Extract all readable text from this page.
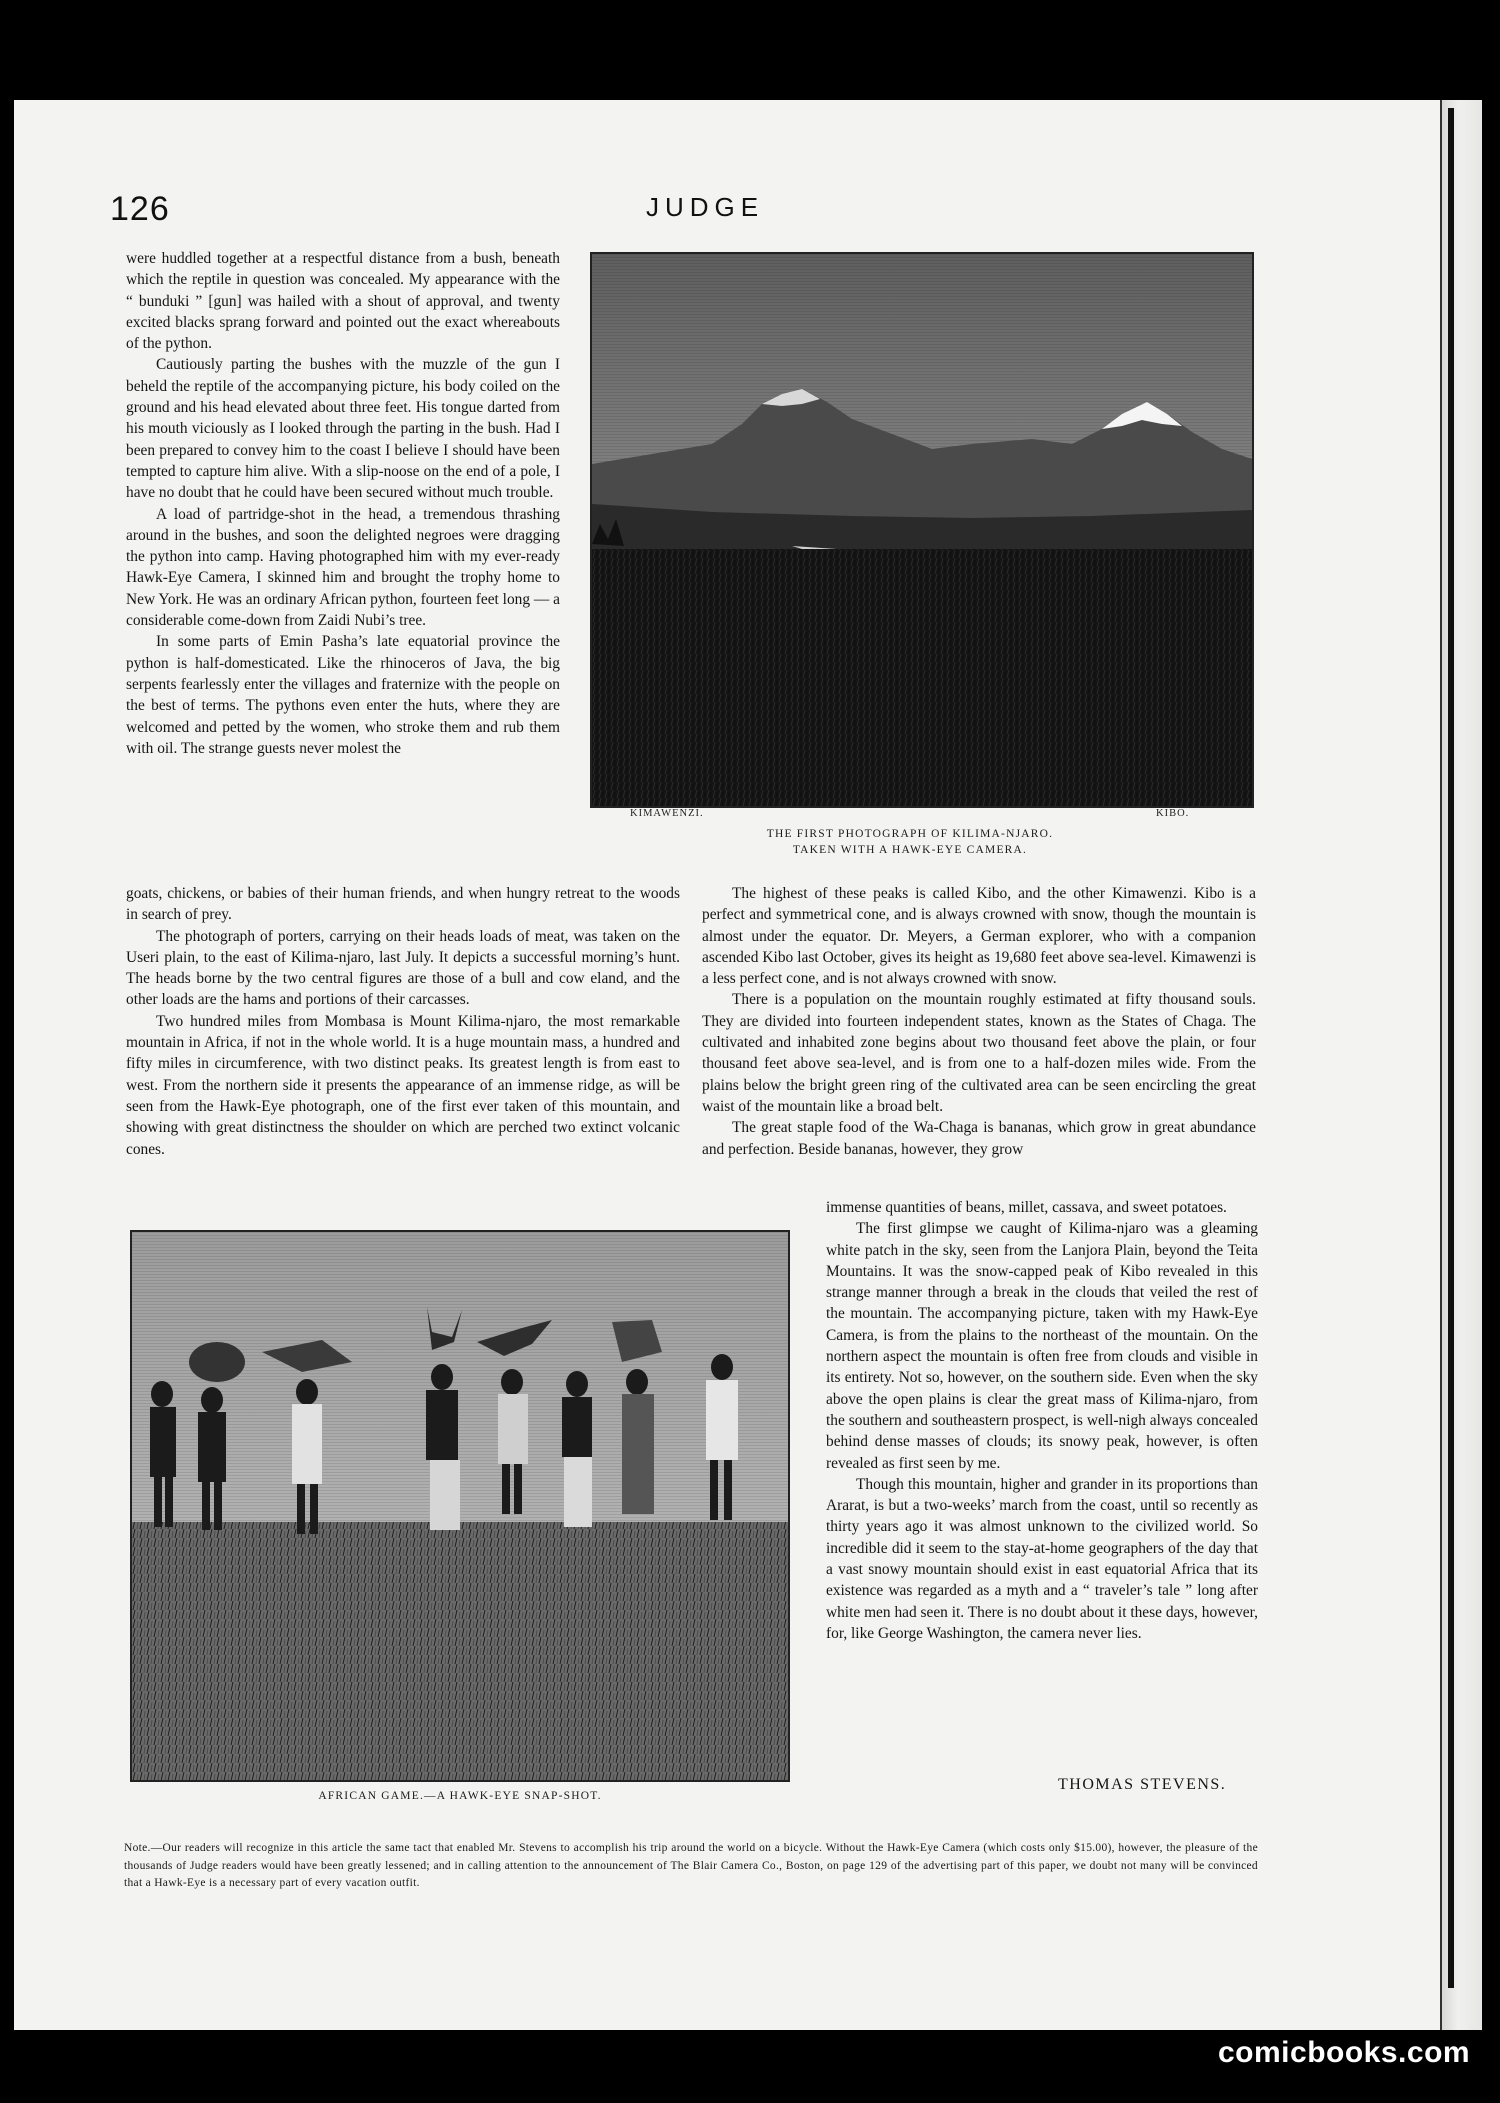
126	JUDGE

were huddled together at a respectful distance from a bush, beneath which the reptile in question was concealed. My appearance with the “ bunduki ” [gun] was hailed with a shout of approval, and twenty excited blacks sprang forward and pointed out the exact whereabouts of the python.

Cautiously parting the bushes with the muzzle of the gun I beheld the reptile of the accompanying picture, his body coiled on the ground and his head elevated about three feet. His tongue darted from his mouth viciously as I looked through the parting in the bush. Had I been prepared to convey him to the coast I believe I should have been tempted to capture him alive. With a slip-noose on the end of a pole, I have no doubt that he could have been secured without much trouble.

A load of partridge-shot in the head, a tremendous thrashing around in the bushes, and soon the delighted negroes were dragging the python into camp. Having photographed him with my ever-ready Hawk-Eye Camera, I skinned him and brought the trophy home to New York. He was an ordinary African python, fourteen feet long — a considerable come-down from Zaidi Nubi’s tree.

In some parts of Emin Pasha’s late equatorial province the python is half-domesticated. Like the rhinoceros of Java, the big serpents fearlessly enter the villages and fraternize with the people on the best of terms. The pythons even enter the huts, where they are welcomed and petted by the women, who stroke them and rub them with oil. The strange guests never molest the

goats, chickens, or babies of their human friends, and when hungry retreat to the woods in search of prey.

The photograph of porters, carrying on their heads loads of meat, was taken on the Useri plain, to the east of Kilima-njaro, last July. It depicts a successful morning’s hunt. The heads borne by the two central figures are those of a bull and cow eland, and the other loads are the hams and portions of their carcasses.

Two hundred miles from Mombasa is Mount Kilima-njaro, the most remarkable mountain in Africa, if not in the whole world. It is a huge mountain mass, a hundred and fifty miles in circumference, with two distinct peaks. Its greatest length is from east to west. From the northern side it presents the appearance of an immense ridge, as will be seen from the Hawk-Eye photograph, one of the first ever taken of this mountain, and showing with great distinctness the shoulder on which are perched two extinct volcanic cones.

The highest of these peaks is called Kibo, and the other Kimawenzi. Kibo is a perfect and symmetrical cone, and is always crowned with snow, though the mountain is almost under the equator. Dr. Meyers, a German explorer, who with a companion ascended Kibo last October, gives its height as 19,680 feet above sea-level. Kimawenzi is a less perfect cone, and is not always crowned with snow.

There is a population on the mountain roughly estimated at fifty thousand souls. They are divided into fourteen independent states, known as the States of Chaga. The cultivated and inhabited zone begins about two thousand feet above the plain, or four thousand feet above sea-level, and is from one to a half-dozen miles wide. From the plains below the bright green ring of the cultivated area can be seen encircling the great waist of the mountain like a broad belt.

The great staple food of the Wa-Chaga is bananas, which grow in great abundance and perfection. Beside bananas, however, they grow

immense quantities of beans, millet, cassava, and sweet potatoes.

The first glimpse we caught of Kilima-njaro was a gleaming white patch in the sky, seen from the Lanjora Plain, beyond the Teita Mountains. It was the snow-capped peak of Kibo revealed in this strange manner through a break in the clouds that veiled the rest of the mountain. The accompanying picture, taken with my Hawk-Eye Camera, is from the plains to the northeast of the mountain. On the northern aspect the mountain is often free from clouds and visible in its entirety. Not so, however, on the southern side. Even when the sky above the open plains is clear the great mass of Kilima-njaro, from the southern and southeastern prospect, is well-nigh always concealed behind dense masses of clouds; its snowy peak, however, is often revealed as first seen by me.

Though this mountain, higher and grander in its proportions than Ararat, is but a two-weeks’ march from the coast, until so recently as thirty years ago it was almost unknown to the civilized world. So incredible did it seem to the stay-at-home geographers of the day that a vast snowy mountain should exist in east equatorial Africa that its existence was regarded as a myth and a “ traveler’s tale ” long after white men had seen it. There is no doubt about it these days, however, for, like George Washington, the camera never lies.

THOMAS STEVENS.
KIMAWENZI.	KIBO.
THE FIRST PHOTOGRAPH OF KILIMA-NJARO.
TAKEN WITH A HAWK-EYE CAMERA.
AFRICAN GAME.—A HAWK-EYE SNAP-SHOT.
Note.—Our readers will recognize in this article the same tact that enabled Mr. Stevens to accomplish his trip around the world on a bicycle. Without the Hawk-Eye Camera (which costs only $15.00), however, the pleasure of the thousands of Judge readers would have been greatly lessened; and in calling attention to the announcement of The Blair Camera Co., Boston, on page 129 of the advertising part of this paper, we doubt not many will be convinced that a Hawk-Eye is a necessary part of every vacation outfit.
comicbooks.com
